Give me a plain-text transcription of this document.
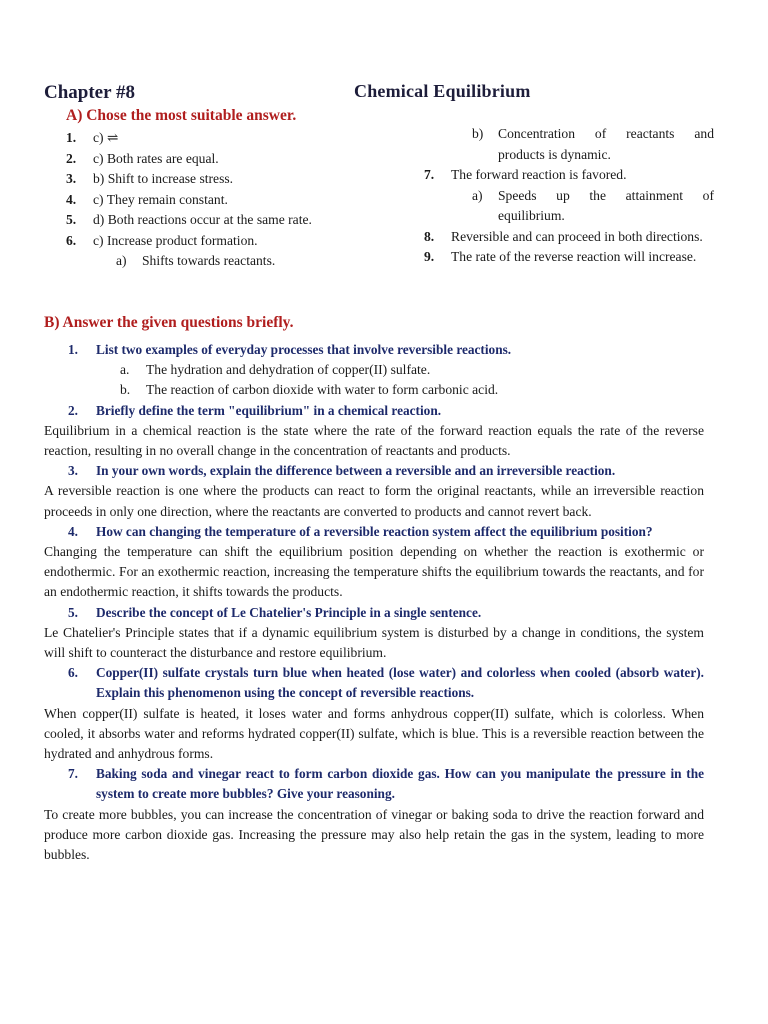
Chapter #8	Chemical Equilibrium
A) Chose the most suitable answer.
1.	c) ⇌
2.	c) Both rates are equal.
3.	b) Shift to increase stress.
4.	c) They remain constant.
5.	d) Both reactions occur at the same rate.
6.	c) Increase product formation.
a)	Shifts towards reactants.
b)	Concentration of reactants and products is dynamic.
7.	The forward reaction is favored.
a)	Speeds up the attainment of equilibrium.
8.	Reversible and can proceed in both directions.
9.	The rate of the reverse reaction will increase.
B) Answer the given questions briefly.
1.	List two examples of everyday processes that involve reversible reactions.
a.	The hydration and dehydration of copper(II) sulfate.
b.	The reaction of carbon dioxide with water to form carbonic acid.
2.	Briefly define the term "equilibrium" in a chemical reaction.
Equilibrium in a chemical reaction is the state where the rate of the forward reaction equals the rate of the reverse reaction, resulting in no overall change in the concentration of reactants and products.
3.	In your own words, explain the difference between a reversible and an irreversible reaction.
A reversible reaction is one where the products can react to form the original reactants, while an irreversible reaction proceeds in only one direction, where the reactants are converted to products and cannot revert back.
4.	How can changing the temperature of a reversible reaction system affect the equilibrium position?
Changing the temperature can shift the equilibrium position depending on whether the reaction is exothermic or endothermic. For an exothermic reaction, increasing the temperature shifts the equilibrium towards the reactants, and for an endothermic reaction, it shifts towards the products.
5.	Describe the concept of Le Chatelier's Principle in a single sentence.
Le Chatelier's Principle states that if a dynamic equilibrium system is disturbed by a change in conditions, the system will shift to counteract the disturbance and restore equilibrium.
6.	Copper(II) sulfate crystals turn blue when heated (lose water) and colorless when cooled (absorb water). Explain this phenomenon using the concept of reversible reactions.
When copper(II) sulfate is heated, it loses water and forms anhydrous copper(II) sulfate, which is colorless. When cooled, it absorbs water and reforms hydrated copper(II) sulfate, which is blue. This is a reversible reaction between the hydrated and anhydrous forms.
7.	Baking soda and vinegar react to form carbon dioxide gas. How can you manipulate the pressure in the system to create more bubbles? Give your reasoning.
To create more bubbles, you can increase the concentration of vinegar or baking soda to drive the reaction forward and produce more carbon dioxide gas. Increasing the pressure may also help retain the gas in the system, leading to more bubbles.
